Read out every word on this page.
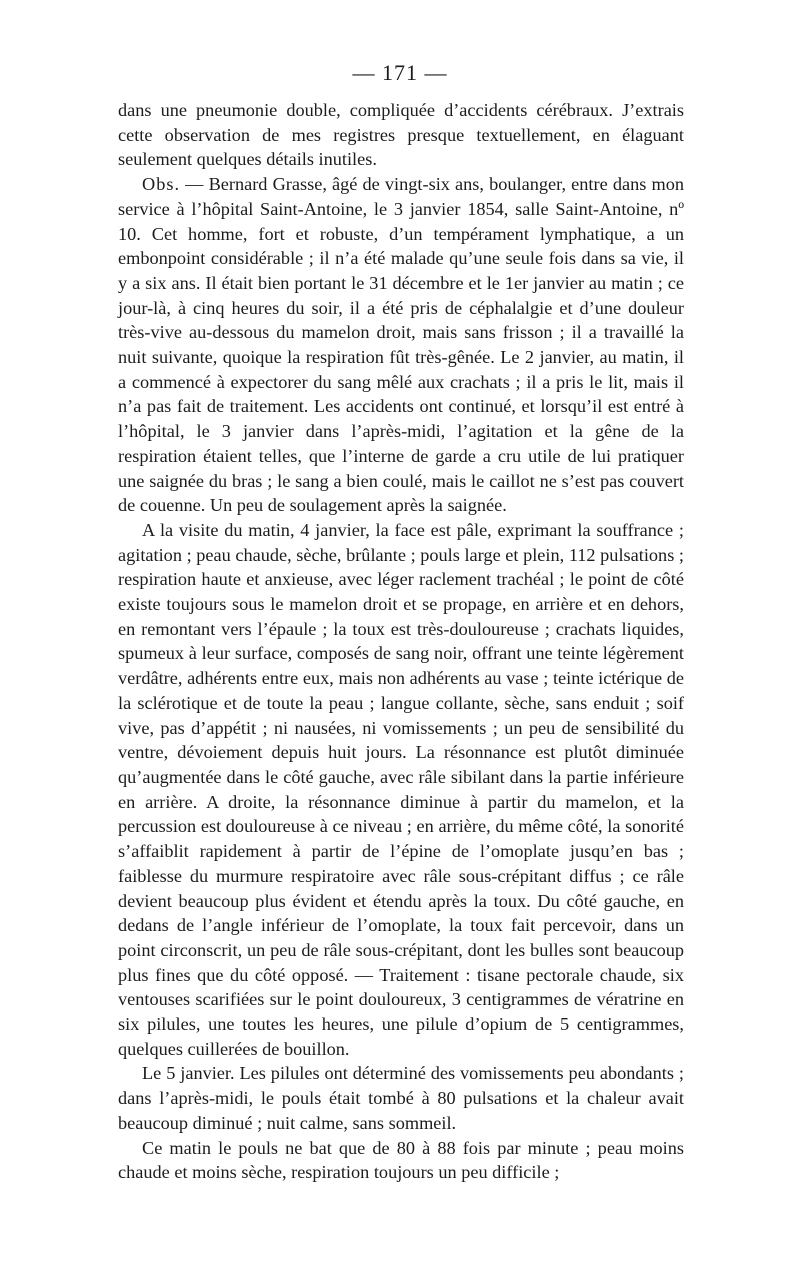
— 171 —

dans une pneumonie double, compliquée d’accidents cérébraux. J’extrais cette observation de mes registres presque textuellement, en élaguant seulement quelques détails inutiles.

Obs. — Bernard Grasse, âgé de vingt-six ans, boulanger, entre dans mon service à l’hôpital Saint-Antoine, le 3 janvier 1854, salle Saint-Antoine, nº 10. Cet homme, fort et robuste, d’un tempérament lymphatique, a un embonpoint considérable ; il n’a été malade qu’une seule fois dans sa vie, il y a six ans. Il était bien portant le 31 décembre et le 1er janvier au matin ; ce jour-là, à cinq heures du soir, il a été pris de céphalalgie et d’une douleur très-vive au-dessous du mamelon droit, mais sans frisson ; il a travaillé la nuit suivante, quoique la respiration fût très-gênée. Le 2 janvier, au matin, il a commencé à expectorer du sang mêlé aux crachats ; il a pris le lit, mais il n’a pas fait de traitement. Les accidents ont continué, et lorsqu’il est entré à l’hôpital, le 3 janvier dans l’après-midi, l’agitation et la gêne de la respiration étaient telles, que l’interne de garde a cru utile de lui pratiquer une saignée du bras ; le sang a bien coulé, mais le caillot ne s’est pas couvert de couenne. Un peu de soulagement après la saignée.

A la visite du matin, 4 janvier, la face est pâle, exprimant la souffrance ; agitation ; peau chaude, sèche, brûlante ; pouls large et plein, 112 pulsations ; respiration haute et anxieuse, avec léger raclement trachéal ; le point de côté existe toujours sous le mamelon droit et se propage, en arrière et en dehors, en remontant vers l’épaule ; la toux est très-douloureuse ; crachats liquides, spumeux à leur surface, composés de sang noir, offrant une teinte légèrement verdâtre, adhérents entre eux, mais non adhérents au vase ; teinte ictérique de la sclérotique et de toute la peau ; langue collante, sèche, sans enduit ; soif vive, pas d’appétit ; ni nausées, ni vomissements ; un peu de sensibilité du ventre, dévoiement depuis huit jours. La résonnance est plutôt diminuée qu’augmentée dans le côté gauche, avec râle sibilant dans la partie inférieure en arrière. A droite, la résonnance diminue à partir du mamelon, et la percussion est douloureuse à ce niveau ; en arrière, du même côté, la sonorité s’affaiblit rapidement à partir de l’épine de l’omoplate jusqu’en bas ; faiblesse du murmure respiratoire avec râle sous-crépitant diffus ; ce râle devient beaucoup plus évident et étendu après la toux. Du côté gauche, en dedans de l’angle inférieur de l’omoplate, la toux fait percevoir, dans un point circonscrit, un peu de râle sous-crépitant, dont les bulles sont beaucoup plus fines que du côté opposé. — Traitement : tisane pectorale chaude, six ventouses scarifiées sur le point douloureux, 3 centigrammes de vératrine en six pilules, une toutes les heures, une pilule d’opium de 5 centigrammes, quelques cuillerées de bouillon.

Le 5 janvier. Les pilules ont déterminé des vomissements peu abondants ; dans l’après-midi, le pouls était tombé à 80 pulsations et la chaleur avait beaucoup diminué ; nuit calme, sans sommeil.

Ce matin le pouls ne bat que de 80 à 88 fois par minute ; peau moins chaude et moins sèche, respiration toujours un peu difficile ;
